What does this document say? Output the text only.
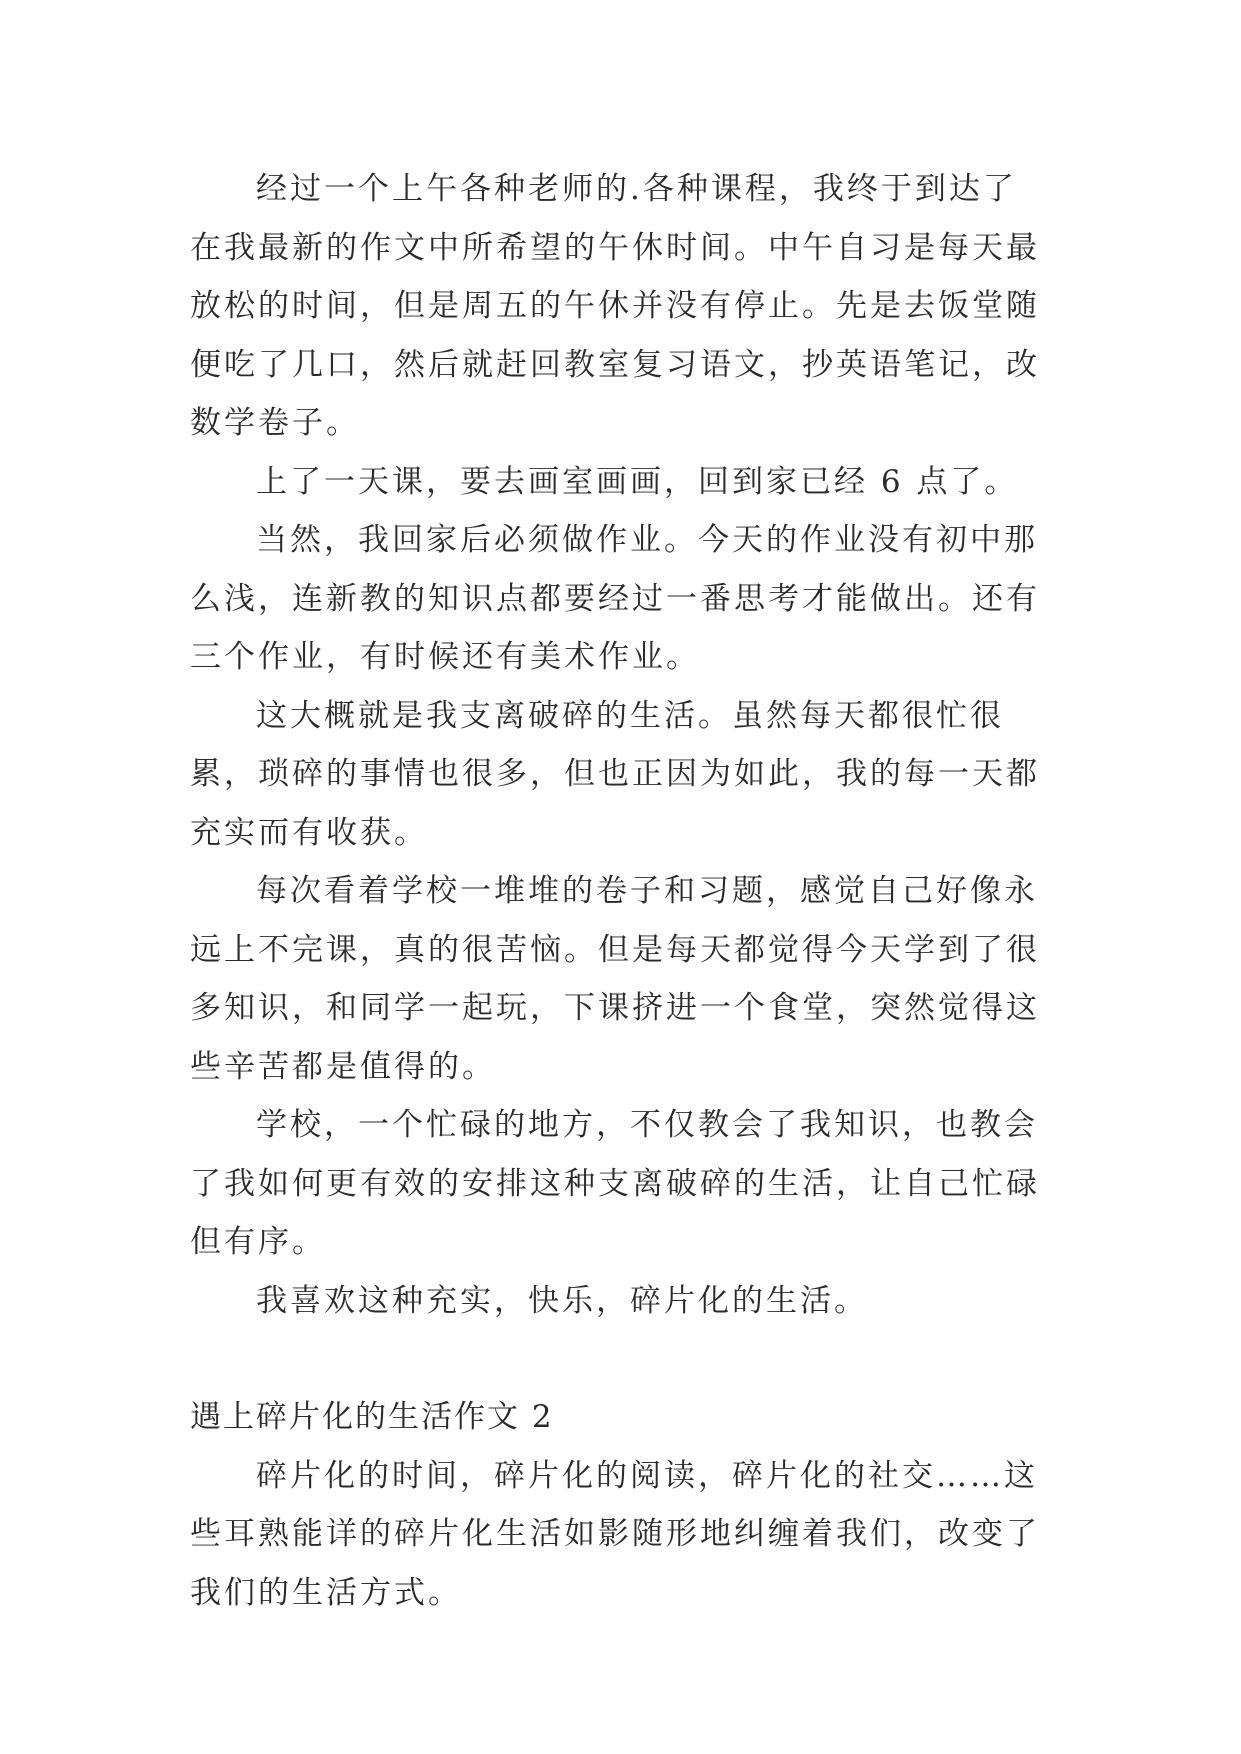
经过一个上午各种老师的.各种课程，我终于到达了在我最新的作文中所希望的午休时间。中午自习是每天最放松的时间，但是周五的午休并没有停止。先是去饭堂随便吃了几口，然后就赶回教室复习语文，抄英语笔记，改数学卷子。

上了一天课，要去画室画画，回到家已经 6 点了。

当然，我回家后必须做作业。今天的作业没有初中那么浅，连新教的知识点都要经过一番思考才能做出。还有三个作业，有时候还有美术作业。

这大概就是我支离破碎的生活。虽然每天都很忙很累，琐碎的事情也很多，但也正因为如此，我的每一天都充实而有收获。

每次看着学校一堆堆的卷子和习题，感觉自己好像永远上不完课，真的很苦恼。但是每天都觉得今天学到了很多知识，和同学一起玩，下课挤进一个食堂，突然觉得这些辛苦都是值得的。

学校，一个忙碌的地方，不仅教会了我知识，也教会了我如何更有效的安排这种支离破碎的生活，让自己忙碌但有序。

我喜欢这种充实，快乐，碎片化的生活。

遇上碎片化的生活作文 2

碎片化的时间，碎片化的阅读，碎片化的社交……这些耳熟能详的碎片化生活如影随形地纠缠着我们，改变了我们的生活方式。
